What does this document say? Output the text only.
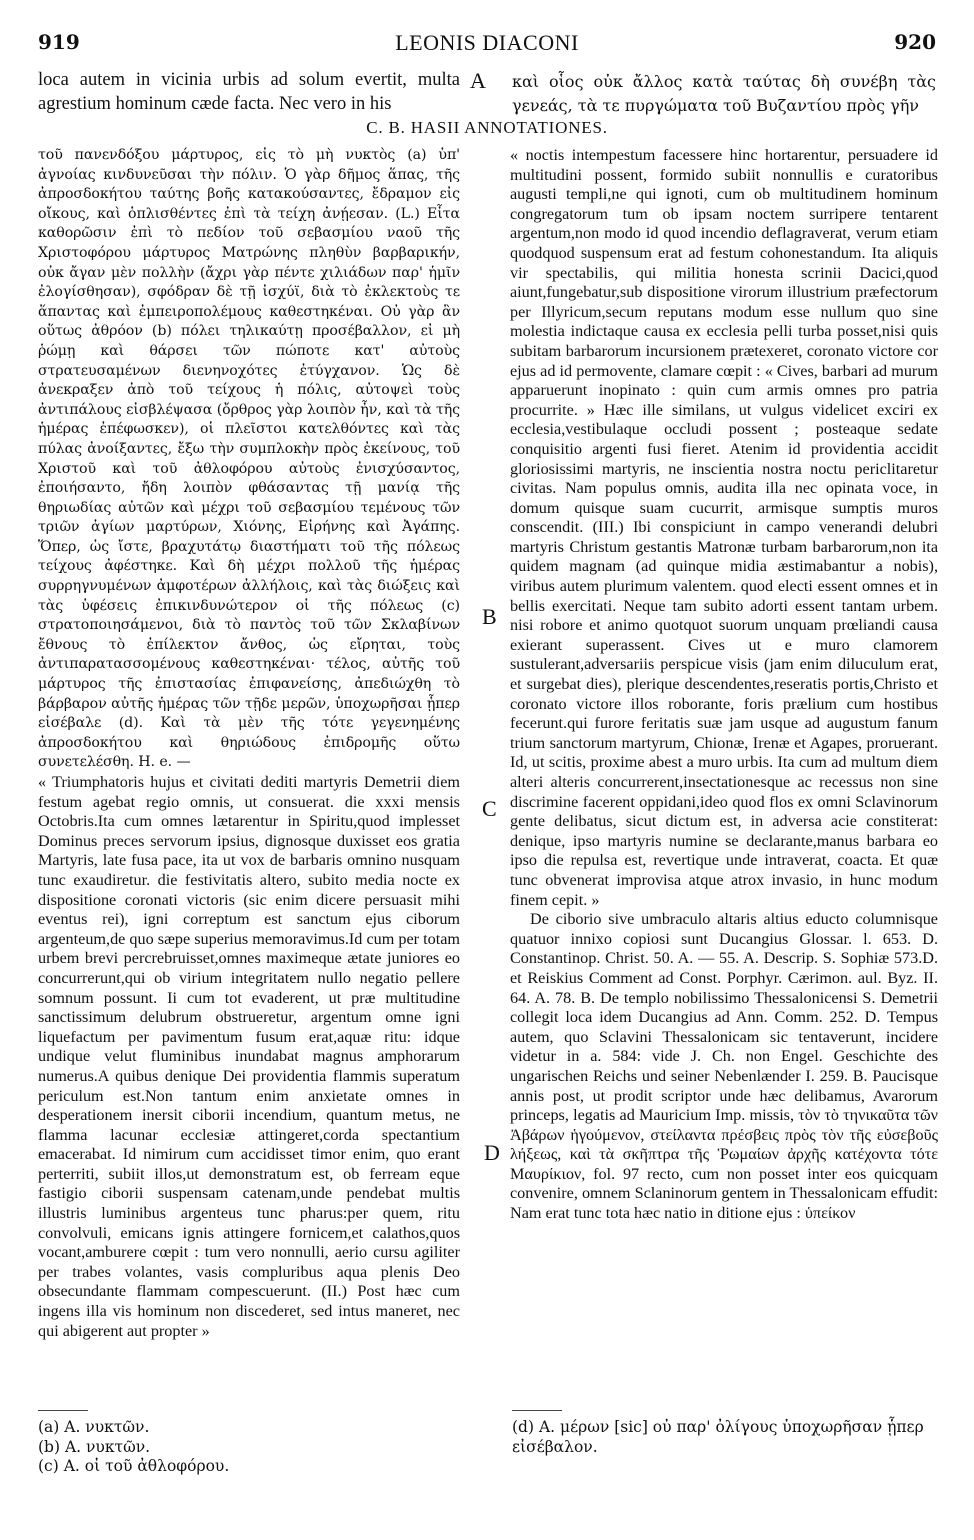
919	LEONIS DIACONI	920
loca autem in vicinia urbis ad solum evertit, multa agrestium hominum cæde facta. Nec vero in his
A καὶ οἷος οὐκ ἄλλος κατὰ ταύτας δὴ συνέβη τὰς γενεάς, τὰ τε πυργώματα τοῦ Βυζαντίου πρὸς γῆν
C. B. HASII ANNOTATIONES.

τοῦ πανενδόξου μάρτυρος, εἰς τὸ μὴ νυκτὸς (a) ὑπ' ἀγνοίας κινδυνεῦσαι τὴν πόλιν. Ὁ γὰρ δῆμος ἅπας, τῆς ἀπροσδοκήτου ταύτης βοῆς κατακούσαντες, ἔδραμον εἰς οἴκους, καὶ ὁπλισθέντες ἐπὶ τὰ τείχη ἀνῄεσαν. (L.) Εἶτα καθορῶσιν ἐπὶ τὸ πεδίον τοῦ σεβασμίου ναοῦ τῆς Χριστοφόρου μάρτυρος Ματρώνης πληθὺν βαρβαρικήν, οὐκ ἄγαν μὲν πολλὴν (ἄχρι γὰρ πέντε χιλιάδων παρ' ἡμῖν ἐλογίσθησαν), σφόδραν δὲ τῇ ἰσχύϊ, διὰ τὸ ἐκλεκτοὺς τε ἅπαντας καὶ ἐμπειροπολέμους καθεστηκέναι. Οὐ γὰρ ἂν οὕτως ἀθρόον (b) πόλει τηλικαύτῃ προσέβαλλον, εἰ μὴ ῥώμῃ καὶ θάρσει τῶν πώποτε κατ' αὐτοὺς στρατευσαμένων διενηνοχότες ἐτύγχανον. Ὡς δὲ ἀνεκραξεν ἀπὸ τοῦ τείχους ἡ πόλις, αὐτοψεὶ τοὺς ἀντιπάλους εἰσβλέψασα (ὄρθρος γὰρ λοιπὸν ἦν, καὶ τὰ τῆς ἡμέρας ἐπέφωσκεν), οἱ πλεῖστοι κατελθόντες καὶ τὰς πύλας ἀνοίξαντες, ἔξω τὴν συμπλοκὴν πρὸς ἐκείνους, τοῦ Χριστοῦ καὶ τοῦ ἀθλοφόρου αὐτοὺς ἐνισχύσαντος, ἐποιήσαντο, ἤδη λοιπὸν φθάσαντας τῇ μανίᾳ τῆς θηριωδίας αὐτῶν καὶ μέχρι τοῦ σεβασμίου τεμένους τῶν τριῶν ἁγίων μαρτύρων, Χιόνης, Εἰρήνης καὶ Ἀγάπης. Ὅπερ, ὡς ἴστε, βραχυτάτῳ διαστήματι τοῦ τῆς πόλεως τείχους ἀφέστηκε. Καὶ δὴ μέχρι πολλοῦ τῆς ἡμέρας συρρηγνυμένων ἀμφοτέρων ἀλλήλοις, καὶ τὰς διώξεις καὶ τὰς ὑφέσεις ἐπικινδυνώτερον οἱ τῆς πόλεως (c) στρατοποιησάμενοι, διὰ τὸ παντὸς τοῦ τῶν Σκλαβίνων ἔθνους τὸ ἐπίλεκτον ἄνθος, ὡς εἴρηται, τοὺς ἀντιπαρατασσομένους καθεστηκέναι· τέλος, αὐτῆς τοῦ μάρτυρος τῆς ἐπιστασίας ἐπιφανείσης, ἀπεδιώχθη τὸ βάρβαρον αὐτῆς ἡμέρας τῶν τῇδε μερῶν, ὑποχωρῆσαι ᾗπερ εἰσέβαλε (d). Καὶ τὰ μὲν τῆς τότε γεγενημένης ἀπροσδοκήτου καὶ θηριώδους ἐπιδρομῆς οὕτω συνετελέσθη. H. e. —

« Triumphatoris hujus et civitati dediti martyris Demetrii diem festum agebat regio omnis, ut consuerat. die xxxi mensis Octobris.Ita cum omnes lætarentur in Spiritu,quod implesset Dominus preces servorum ipsius, dignosque duxisset eos gratia Martyris, late fusa pace, ita ut vox de barbaris omnino nusquam tunc exaudiretur. die festivitatis altero, subito media nocte ex dispositione coronati victoris (sic enim dicere persuasit mihi eventus rei), igni correptum est sanctum ejus ciborum argenteum,de quo sæpe superius memoravimus.Id cum per totam urbem brevi percrebruisset,omnes maximeque ætate juniores eo concurrerunt,qui ob virium integritatem nullo negatio pellere somnum possunt. Ii cum tot evaderent, ut præ multitudine sanctissimum delubrum obstrueretur, argentum omne igni liquefactum per pavimentum fusum erat,aquæ ritu: idque undique velut fluminibus inundabat magnus amphorarum numerus.A quibus denique Dei providentia flammis superatum periculum est.Non tantum enim anxietate omnes in desperationem inersit ciborii incendium, quantum metus, ne flamma lacunar ecclesiæ attingeret,corda spectantium emacerabat. Id nimirum cum accidisset timor enim, quo erant perterriti, subiit illos,ut demonstratum est, ob ferream eque fastigio ciborii suspensam catenam,unde pendebat multis illustris luminibus argenteus tunc pharus:per quem, ritu convolvuli, emicans ignis attingere fornicem,et calathos,quos vocant,amburere cœpit : tum vero nonnulli, aerio cursu agiliter per trabes volantes, vasis compluribus aqua plenis Deo obsecundante flammam compescuerunt. (II.) Post hæc cum ingens illa vis hominum non discederet, sed intus maneret, nec qui abigerent aut propter »

B
C
D

« noctis intempestum facessere hinc hortarentur, persuadere id multitudini possent, formido subiit nonnullis e curatoribus augusti templi,ne qui ignoti, cum ob multitudinem hominum congregatorum tum ob ipsam noctem surripere tentarent argentum,non modo id quod incendio deflagraverat, verum etiam quodquod suspensum erat ad festum cohonestandum. Ita aliquis vir spectabilis, qui militia honesta scrinii Dacici,quod aiunt,fungebatur,sub dispositione virorum illustrium præfectorum per Illyricum,secum reputans modum esse nullum quo sine molestia indictaque causa ex ecclesia pelli turba posset,nisi quis subitam barbarorum incursionem prætexeret, coronato victore cor ejus ad id permovente, clamare cœpit : « Cives, barbari ad murum apparuerunt inopinato : quin cum armis omnes pro patria procurrite. » Hæc ille similans, ut vulgus videlicet exciri ex ecclesia,vestibulaque occludi possent ; posteaque sedate conquisitio argenti fusi fieret. Atenim id providentia accidit gloriosissimi martyris, ne inscientia nostra noctu periclitaretur civitas. Nam populus omnis, audita illa nec opinata voce, in domum quisque suam cucurrit, armisque sumptis muros conscendit. (III.) Ibi conspiciunt in campo venerandi delubri martyris Christum gestantis Matronæ turbam barbarorum,non ita quidem magnam (ad quinque midia æstimabantur a nobis), viribus autem plurimum valentem. quod electi essent omnes et in bellis exercitati. Neque tam subito adorti essent tantam urbem. nisi robore et animo quotquot suorum unquam prœliandi causa exierant superassent. Cives ut e muro clamorem sustulerant,adversariis perspicue visis (jam enim diluculum erat, et surgebat dies), plerique descendentes,reseratis portis,Christo et coronato victore illos roborante, foris prælium cum hostibus fecerunt.qui furore feritatis suæ jam usque ad augustum fanum trium sanctorum martyrum, Chionæ, Irenæ et Agapes, proruerant. Id, ut scitis, proxime abest a muro urbis. Ita cum ad multum diem alteri alteris concurrerent,insectationesque ac recessus non sine discrimine facerent oppidani,ideo quod flos ex omni Sclavinorum gente delibatus, sicut dictum est, in adversa acie constiterat: denique, ipso martyris numine se declarante,manus barbara eo ipso die repulsa est, revertique unde intraverat, coacta. Et quæ tunc obvenerat improvisa atque atrox invasio, in hunc modum finem cepit. »

De ciborio sive umbraculo altaris altius educto columnisque quatuor innixo copiosi sunt Ducangius Glossar. l. 653. D. Constantinop. Christ. 50. A. — 55. A. Descrip. S. Sophiæ 573.D. et Reiskius Comment ad Const. Porphyr. Cærimon. aul. Byz. II. 64. A. 78. B. De templo nobilissimo Thessalonicensi S. Demetrii collegit loca idem Ducangius ad Ann. Comm. 252. D. Tempus autem, quo Sclavini Thessalonicam sic tentaverunt, incidere videtur in a. 584: vide J. Ch. non Engel. Geschichte des ungarischen Reichs und seiner Nebenlænder I. 259. B. Paucisque annis post, ut prodit scriptor unde hæc delibamus, Avarorum princeps, legatis ad Mauricium Imp. missis, τὸν τὸ τηνικαῦτα τῶν Ἀβάρων ἡγούμενον, στείλαντα πρέσβεις πρὸς τὸν τῆς εὐσεβοῦς λήξεως, καὶ τὰ σκῆπτρα τῆς Ῥωμαίων ἀρχῆς κατέχοντα τότε Μαυρίκιον, fol. 97 recto, cum non posset inter eos quicquam convenire, omnem Sclaninorum gentem in Thessalonicam effudit: Nam erat tunc tota hæc natio in ditione ejus : ὑπείκον

(a) A. νυκτῶν.
(b) A. νυκτῶν.
(c) A. οἱ τοῦ ἀθλοφόρου.
(d) A. μέρων [sic] οὐ παρ' ὀλίγους ὑποχωρῆσαν ᾗπερ εἰσέβαλον.
